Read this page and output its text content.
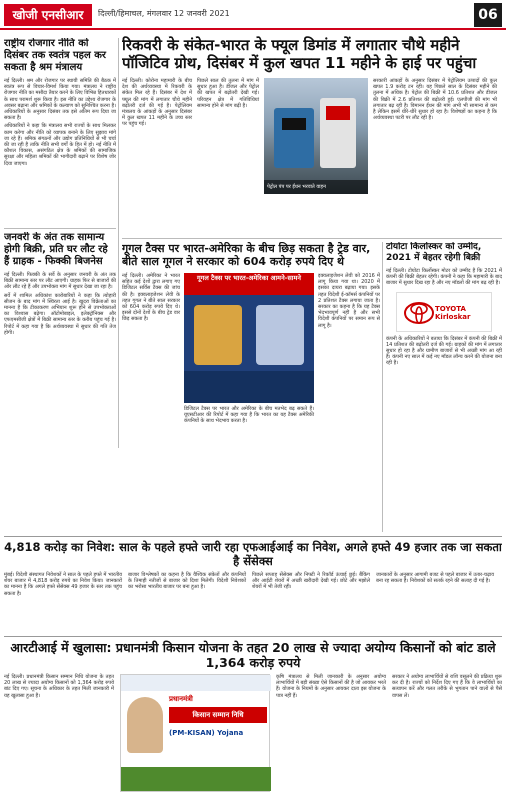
खोजी एनसीआर	दिल्ली/हिमाचल, मंगलवार 12 जनवरी 2021	06
राष्ट्रीय रोजगार नीति को दिसंबर तक स्वतंत्र पहल कर सकता है श्रम मंत्रालय

नई दिल्ली। श्रम और रोजगार पर स्थायी समिति की बैठक में स्वतंत्र रूप से विचार-विमर्श किया गया। मंत्रालय ने राष्ट्रीय रोजगार नीति का मसौदा तैयार करने के लिए विभिन्न हितधारकों के साथ परामर्श शुरू किया है। इस नीति का उद्देश्य रोजगार के अवसर बढ़ाना और श्रमिकों के कल्याण को सुनिश्चित करना है। अधिकारियों के अनुसार दिसंबर तक इसे अंतिम रूप दिया जा सकता है।

अधिकारियों ने कहा कि मंत्रालय सभी राज्यों के साथ मिलकर काम करेगा और नीति को व्यापक बनाने के लिए सुझाव मांगे जा रहे हैं। श्रमिक संगठनों और उद्योग प्रतिनिधियों से भी चर्चा की जा रही है ताकि नीति सभी वर्गों के हित में हो। नई नीति में कौशल विकास, असंगठित क्षेत्र के श्रमिकों की सामाजिक सुरक्षा और महिला श्रमिकों की भागीदारी बढ़ाने पर विशेष जोर दिया जाएगा।

रिकवरी के संकेत-भारत के फ्यूल डिमांड में लगातार चौथे महीने पॉजिटिव ग्रोथ, दिसंबर में कुल खपत 11 महीने के हाई पर पहुंचा

नई दिल्ली। कोरोना महामारी के बीच देश की अर्थव्यवस्था में रिकवरी के संकेत मिल रहे हैं। दिसंबर में देश में फ्यूल की मांग में लगातार चौथे महीने बढ़ोतरी दर्ज की गई है। पेट्रोलियम मंत्रालय के आंकड़ों के अनुसार दिसंबर में कुल खपत 11 महीने के उच्च स्तर पर पहुंच गई।

पिछले साल की तुलना में मांग में सुधार हुआ है। डीजल और पेट्रोल की खपत में बढ़ोतरी देखी गई। परिवहन क्षेत्र में गतिविधियां सामान्य होने से मांग बढ़ी है।

पेट्रोल पंप पर ईंधन भरवाते वाहन

सरकारी आंकड़ों के अनुसार दिसंबर में पेट्रोलियम उत्पादों की कुल खपत 1.9 करोड़ टन रही। यह पिछले साल के दिसंबर महीने की तुलना में अधिक है। पेट्रोल की बिक्री में 10.6 प्रतिशत और डीजल की बिक्री में 2.6 प्रतिशत की बढ़ोतरी हुई। एलपीजी की मांग भी लगातार बढ़ रही है। विमानन ईंधन की मांग अभी भी सामान्य से कम है लेकिन इसमें धीरे-धीरे सुधार हो रहा है। विशेषज्ञों का कहना है कि अर्थव्यवस्था पटरी पर लौट रही है।

गूगल टैक्स पर भारत-अमेरिका के बीच छिड़ सकता है ट्रेड वार, बीते साल गूगल ने सरकार को 604 करोड़ रुपये दिए थे

नई दिल्ली। अमेरिका ने भारत सहित कई देशों द्वारा लगाए गए डिजिटल सर्विस टैक्स की जांच की है। इक्वलाइजेशन लेवी के तहत गूगल ने बीते साल सरकार को 604 करोड़ रुपये दिए थे। इससे दोनों देशों के बीच ट्रेड वार छिड़ सकता है।

गूगल टैक्स पर भारत-अमेरिका आमने-सामने

डिजिटल टैक्स पर भारत और अमेरिका के बीच मतभेद बढ़ सकते हैं। यूएसटीआर की रिपोर्ट में कहा गया है कि भारत का यह टैक्स अमेरिकी कंपनियों के साथ भेदभाव करता है।

इक्वलाइजेशन लेवी को 2016 में लागू किया गया था। 2020 में इसका दायरा बढ़ाया गया। इसके तहत विदेशी ई-कॉमर्स कंपनियों पर 2 प्रतिशत टैक्स लगाया जाता है। सरकार का कहना है कि यह टैक्स भेदभावपूर्ण नहीं है और सभी विदेशी कंपनियों पर समान रूप से लागू है।

टोयोटा किर्लोस्कर को उम्मीद, 2021 में बेहतर रहेगी बिक्री

नई दिल्ली। टोयोटा किर्लोस्कर मोटर को उम्मीद है कि 2021 में कंपनी की बिक्री बेहतर रहेगी। कंपनी ने कहा कि महामारी के बाद बाजार में सुधार दिख रहा है और नए मॉडलों की मांग बढ़ रही है।

TOYOTA Kirloskar

कंपनी के अधिकारियों ने बताया कि दिसंबर में कंपनी की बिक्री में 14 प्रतिशत की बढ़ोतरी दर्ज की गई। ग्राहकों की मांग में लगातार सुधार हो रहा है और ग्रामीण बाजारों से भी अच्छी मांग आ रही है। कंपनी नए साल में कई नए मॉडल लॉन्च करने की योजना बना रही है।

जनवरी के अंत तक सामान्य होगी बिक्री, प्रति घर लौट रहे हैं ग्राहक - फिक्की बिजनेस

नई दिल्ली। फिक्की के सर्वे के अनुसार जनवरी के अंत तक बिक्री सामान्य स्तर पर लौट आएगी। ग्राहक फिर से बाजारों की ओर लौट रहे हैं और उपभोक्ता मांग में सुधार देखा जा रहा है।

सर्वे में शामिल अधिकांश कारोबारियों ने कहा कि त्योहारी सीजन के बाद मांग में स्थिरता आई है। खुदरा विक्रेताओं का मानना है कि टीकाकरण अभियान शुरू होने से उपभोक्ताओं का विश्वास बढ़ेगा। ऑटोमोबाइल, इलेक्ट्रॉनिक्स और एफएमसीजी क्षेत्रों में बिक्री सामान्य स्तर के करीब पहुंच गई है। रिपोर्ट में कहा गया है कि अर्थव्यवस्था में सुधार की गति तेज होगी।

4,818 करोड़ का निवेश: साल के पहले हफ्ते जारी रहा एफआईआई का निवेश, अगले हफ्ते 49 हजार तक जा सकता है सेंसेक्स

मुंबई। विदेशी संस्थागत निवेशकों ने साल के पहले हफ्ते में भारतीय शेयर बाजार में 4,818 करोड़ रुपये का निवेश किया। जानकारों का मानना है कि अगले हफ्ते सेंसेक्स 49 हजार के स्तर तक पहुंच सकता है।

बाजार विश्लेषकों का कहना है कि वैश्विक संकेतों और कंपनियों के तिमाही नतीजों से बाजार को दिशा मिलेगी। विदेशी निवेशकों का भरोसा भारतीय बाजार पर बना हुआ है।

पिछले सप्ताह सेंसेक्स और निफ्टी ने रिकॉर्ड ऊंचाई छुई। बैंकिंग और आईटी शेयरों में अच्छी खरीदारी देखी गई। छोटे और मझोले शेयरों में भी तेजी रही।

जानकारों के अनुसार आगामी बजट से पहले बाजार में उतार-चढ़ाव बना रह सकता है। निवेशकों को सतर्क रहने की सलाह दी गई है।

आरटीआई में खुलासा: प्रधानमंत्री किसान योजना के तहत 20 लाख से ज्यादा अयोग्य किसानों को बांट डाले 1,364 करोड़ रुपये

नई दिल्ली। प्रधानमंत्री किसान सम्मान निधि योजना के तहत 20 लाख से ज्यादा अयोग्य किसानों को 1,364 करोड़ रुपये बांट दिए गए। सूचना के अधिकार के तहत मिली जानकारी में यह खुलासा हुआ है।	प्रधानमंत्री
किसान सम्मान निधि
(PM-KISAN) Yojana

कृषि मंत्रालय से मिली जानकारी के अनुसार अयोग्य लाभार्थियों में बड़ी संख्या ऐसे किसानों की है जो आयकर भरते हैं। योजना के नियमों के अनुसार आयकर दाता इस योजना के पात्र नहीं हैं।

सरकार ने अयोग्य लाभार्थियों से राशि वसूलने की प्रक्रिया शुरू कर दी है। राज्यों को निर्देश दिए गए हैं कि वे लाभार्थियों का सत्यापन करें और गलत तरीके से भुगतान पाने वालों से पैसे वापस लें।
